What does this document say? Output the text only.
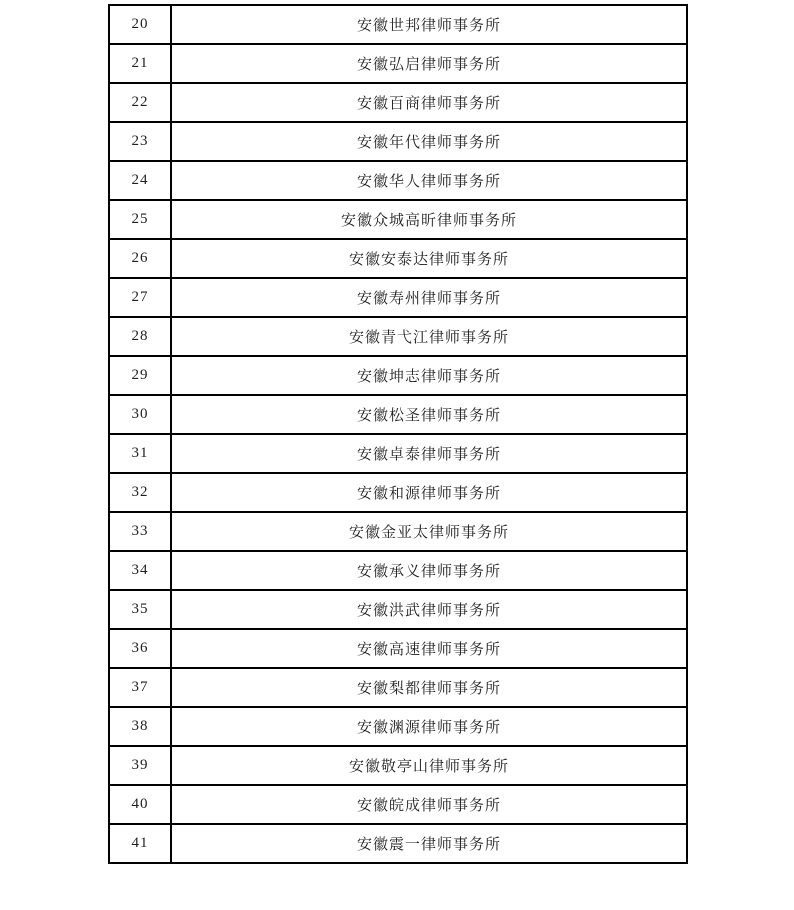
20	安徽世邦律师事务所
21	安徽弘启律师事务所
22	安徽百商律师事务所
23	安徽年代律师事务所
24	安徽华人律师事务所
25	安徽众城高昕律师事务所
26	安徽安泰达律师事务所
27	安徽寿州律师事务所
28	安徽青弋江律师事务所
29	安徽坤志律师事务所
30	安徽松圣律师事务所
31	安徽卓泰律师事务所
32	安徽和源律师事务所
33	安徽金亚太律师事务所
34	安徽承义律师事务所
35	安徽洪武律师事务所
36	安徽高速律师事务所
37	安徽梨都律师事务所
38	安徽渊源律师事务所
39	安徽敬亭山律师事务所
40	安徽皖成律师事务所
41	安徽震一律师事务所
